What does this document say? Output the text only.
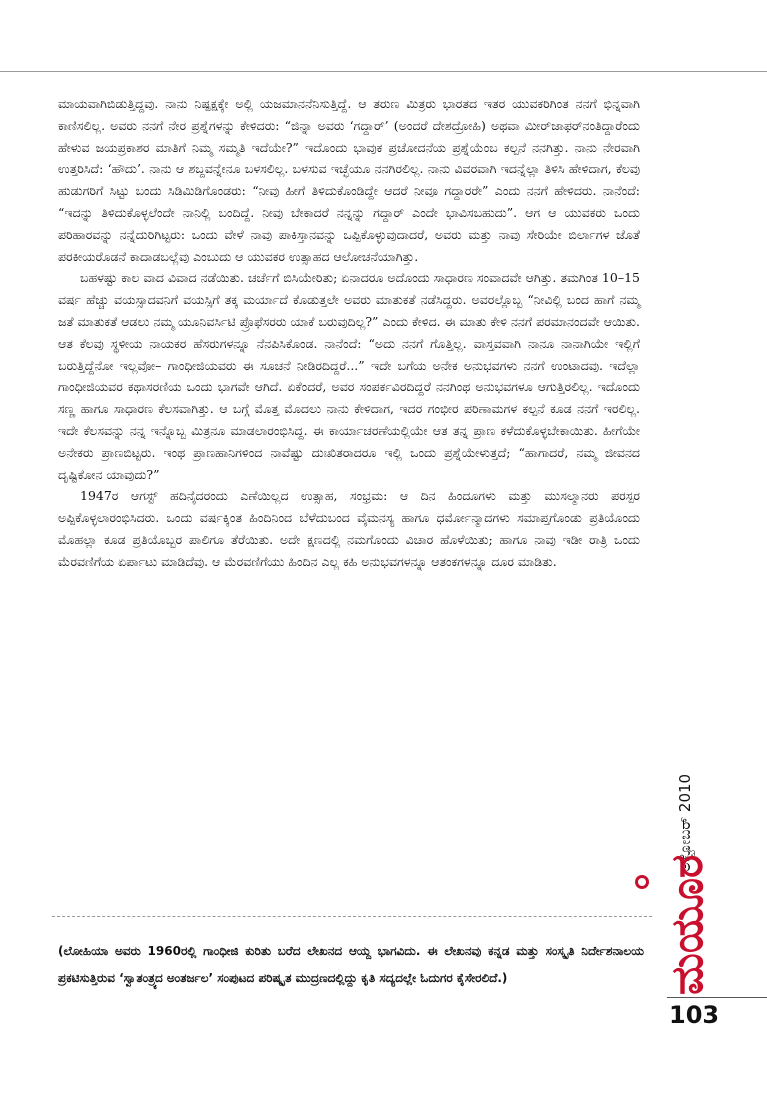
ಮಾಯವಾಗಿಬಿಡುತ್ತಿದ್ದವು. ನಾನು ನಿಷ್ಪಕ್ಷಕ್ಕೇ ಅಲ್ಲಿ ಯಜಮಾನನೆನಿಸುತ್ತಿದ್ದೆ. ಆ ತರುಣ ಮಿತ್ರರು ಭಾರತದ ಇತರ ಯುವಕರಿಗಿಂತ ನನಗೆ ಭಿನ್ನವಾಗಿ ಕಾಣಿಸಲಿಲ್ಲ. ಅವರು ನನಗೆ ನೇರ ಪ್ರಶ್ನೆಗಳನ್ನು ಕೇಳಿದರು: “ಜಿನ್ನಾ ಅವರು ‘ಗದ್ದಾರ್’ (ಅಂದರೆ ದೇಶದ್ರೋಹಿ) ಅಥವಾ ಮೀರ್‌ಜಾಫರ್‌ನಂತಿದ್ದಾರೆಂದು ಹೇಳುವ ಜಯಪ್ರಕಾಶರ ಮಾತಿಗೆ ನಿಮ್ಮ ಸಮ್ಮತಿ ಇದೆಯೇ?” ಇದೊಂದು ಭಾವುಕ ಪ್ರಚೋದನೆಯ ಪ್ರಶ್ನೆಯೆಂಬ ಕಲ್ಪನೆ ನನಗಿತ್ತು. ನಾನು ನೇರವಾಗಿ ಉತ್ತರಿಸಿದೆ: ‘ಹೌದು’. ನಾನು ಆ ಶಬ್ದವನ್ನೇನೂ ಬಳಸಲಿಲ್ಲ. ಬಳಸುವ ಇಚ್ಛೆಯೂ ನನಗಿರಲಿಲ್ಲ. ನಾನು ವಿವರವಾಗಿ ಇದನ್ನೆಲ್ಲಾ ತಿಳಿಸಿ ಹೇಳಿದಾಗ, ಕೆಲವು ಹುಡುಗರಿಗೆ ಸಿಟ್ಟು ಬಂದು ಸಿಡಿಮಿಡಿಗೊಂಡರು: “ನೀವು ಹೀಗೆ ತಿಳಿದುಕೊಂಡಿದ್ದೇ ಆದರೆ ನೀವೂ ಗದ್ದಾರರೇ” ಎಂದು ನನಗೆ ಹೇಳಿದರು. ನಾನೆಂದೆ: “ಇದನ್ನು ತಿಳಿದುಕೊಳ್ಳಲೆಂದೇ ನಾನಿಲ್ಲಿ ಬಂದಿದ್ದೆ. ನೀವು ಬೇಕಾದರೆ ನನ್ನನ್ನು ಗದ್ದಾರ್ ಎಂದೇ ಭಾವಿಸಬಹುದು”. ಆಗ ಆ ಯುವಕರು ಒಂದು ಪರಿಹಾರವನ್ನು ನನ್ನೆದುರಿಗಿಟ್ಟರು: ಒಂದು ವೇಳೆ ನಾವು ಪಾಕಿಸ್ತಾನವನ್ನು ಒಪ್ಪಿಕೊಳ್ಳುವುದಾದರೆ, ಅವರು ಮತ್ತು ನಾವು ಸೇರಿಯೇ ಬಿರ್ಲಾಗಳ ಜೊತೆ ಪರಕೀಯರೊಡನೆ ಕಾದಾಡಬಲ್ಲೆವು ಎಂಬುದು ಆ ಯುವಕರ ಉತ್ಸಾಹದ ಆಲೋಚನೆಯಾಗಿತ್ತು.

ಬಹಳಷ್ಟು ಕಾಲ ವಾದ ವಿವಾದ ನಡೆಯಿತು. ಚರ್ಚೆಗೆ ಬಿಸಿಯೇರಿತು; ಏನಾದರೂ ಅದೊಂದು ಸಾಧಾರಣ ಸಂವಾದವೇ ಆಗಿತ್ತು. ತಮಗಿಂತ 10–15 ವರ್ಷ ಹೆಚ್ಚು ವಯಸ್ಸಾದವನಿಗೆ ವಯಸ್ಸಿಗೆ ತಕ್ಕ ಮರ್ಯಾದೆ ಕೊಡುತ್ತಲೇ ಅವರು ಮಾತುಕತೆ ನಡೆಸಿದ್ದರು. ಅವರಲ್ಲೊಬ್ಬ “ನೀವಿಲ್ಲಿ ಬಂದ ಹಾಗೆ ನಮ್ಮ ಜತೆ ಮಾತುಕತೆ ಆಡಲು ನಮ್ಮ ಯೂನಿವರ್ಸಿಟಿ ಪ್ರೊಫೆಸರರು ಯಾಕೆ ಬರುವುದಿಲ್ಲ?” ಎಂದು ಕೇಳಿದ. ಈ ಮಾತು ಕೇಳಿ ನನಗೆ ಪರಮಾನಂದವೇ ಆಯಿತು. ಆತ ಕೆಲವು ಸ್ಥಳೀಯ ನಾಯಕರ ಹೆಸರುಗಳನ್ನೂ ನೆನಪಿಸಿಕೊಂಡ. ನಾನೆಂದೆ: “ಅದು ನನಗೆ ಗೊತ್ತಿಲ್ಲ. ವಾಸ್ತವವಾಗಿ ನಾನೂ ನಾನಾಗಿಯೇ ಇಲ್ಲಿಗೆ ಬರುತ್ತಿದ್ದೆನೋ ಇಲ್ಲವೋ– ಗಾಂಧೀಜಿಯವರು ಈ ಸೂಚನೆ ನೀಡಿರದಿದ್ದರೆ...” ಇದೇ ಬಗೆಯ ಅನೇಕ ಅನುಭವಗಳು ನನಗೆ ಉಂಟಾದವು. ಇದೆಲ್ಲಾ ಗಾಂಧೀಜಿಯವರ ಕಥಾಸರಣಿಯ ಒಂದು ಭಾಗವೇ ಆಗಿದೆ. ಏಕೆಂದರೆ, ಅವರ ಸಂಪರ್ಕವಿರದಿದ್ದರೆ ನನಗಿಂಥ ಅನುಭವಗಳೂ ಆಗುತ್ತಿರಲಿಲ್ಲ. ಇದೊಂದು ಸಣ್ಣ ಹಾಗೂ ಸಾಧಾರಣ ಕೆಲಸವಾಗಿತ್ತು. ಆ ಬಗ್ಗೆ ಮೊತ್ತ ಮೊದಲು ನಾನು ಕೇಳಿದಾಗ, ಇದರ ಗಂಭೀರ ಪರಿಣಾಮಗಳ ಕಲ್ಪನೆ ಕೂಡ ನನಗೆ ಇರಲಿಲ್ಲ. ಇದೇ ಕೆಲಸವನ್ನು ನನ್ನ ಇನ್ನೊಬ್ಬ ಮಿತ್ರನೂ ಮಾಡಲಾರಂಭಿಸಿದ್ದ. ಈ ಕಾರ್ಯಾಚರಣೆಯಲ್ಲಿಯೇ ಆತ ತನ್ನ ಪ್ರಾಣ ಕಳೆದುಕೊಳ್ಳಬೇಕಾಯಿತು. ಹೀಗೆಯೇ ಅನೇಕರು ಪ್ರಾಣಬಿಟ್ಟರು. ಇಂಥ ಪ್ರಾಣಹಾನಿಗಳಿಂದ ನಾವೆಷ್ಟು ದುಃಖಿತರಾದರೂ ಇಲ್ಲಿ ಒಂದು ಪ್ರಶ್ನೆಯೇಳುತ್ತದೆ; “ಹಾಗಾದರೆ, ನಮ್ಮ ಜೀವನದ ದೃಷ್ಟಿಕೋನ ಯಾವುದು?”

1947ರ ಆಗಸ್ಟ್ ಹದಿನೈದರಂದು ಎಣೆಯಿಲ್ಲದ ಉತ್ಸಾಹ, ಸಂಭ್ರಮ: ಆ ದಿನ ಹಿಂದೂಗಳು ಮತ್ತು ಮುಸಲ್ಮಾನರು ಪರಸ್ಪರ ಅಪ್ಪಿಕೊಳ್ಳಲಾರಂಭಿಸಿದರು. ಒಂದು ವರ್ಷಕ್ಕಿಂತ ಹಿಂದಿನಿಂದ ಬೆಳೆದುಬಂದ ವೈಮನಸ್ಯ ಹಾಗೂ ಧರ್ಮೋನ್ಮಾದಗಳು ಸಮಾಪ್ತಗೊಂಡು ಪ್ರತಿಯೊಂದು ಮೊಹಲ್ಲಾ ಕೂಡ ಪ್ರತಿಯೊಬ್ಬರ ಪಾಲಿಗೂ ತೆರೆಯಿತು. ಅದೇ ಕ್ಷಣದಲ್ಲಿ ನಮಗೊಂದು ವಿಚಾರ ಹೊಳೆಯಿತು; ಹಾಗೂ ನಾವು ಇಡೀ ರಾತ್ರಿ ಒಂದು ಮೆರವಣಿಗೆಯ ಏರ್ಪಾಟು ಮಾಡಿದೆವು. ಆ ಮೆರವಣಿಗೆಯು ಹಿಂದಿನ ಎಲ್ಲ ಕಹಿ ಅನುಭವಗಳನ್ನೂ ಆತಂಕಗಳನ್ನೂ ದೂರ ಮಾಡಿತು.

(ಲೋಹಿಯಾ ಅವರು 1960ರಲ್ಲಿ ಗಾಂಧೀಜಿ ಕುರಿತು ಬರೆದ ಲೇಖನದ ಆಯ್ದ ಭಾಗವಿದು. ಈ ಲೇಖನವು ಕನ್ನಡ ಮತ್ತು ಸಂಸ್ಕೃತಿ ನಿರ್ದೇಶನಾಲಯ ಪ್ರಕಟಿಸುತ್ತಿರುವ ‘ಸ್ವಾತಂತ್ರ್ಯದ ಅಂತರ್ಜಲ’ ಸಂಪುಟದ ಪರಿಷ್ಕೃತ ಮುದ್ರಣದಲ್ಲಿದ್ದು ಕೃತಿ ಸದ್ಯದಲ್ಲೇ ಓದುಗರ ಕೈಸೇರಲಿದೆ.)
ಅಕ್ಟೋಬರ್ 2010
ಮಯೂರ
103
